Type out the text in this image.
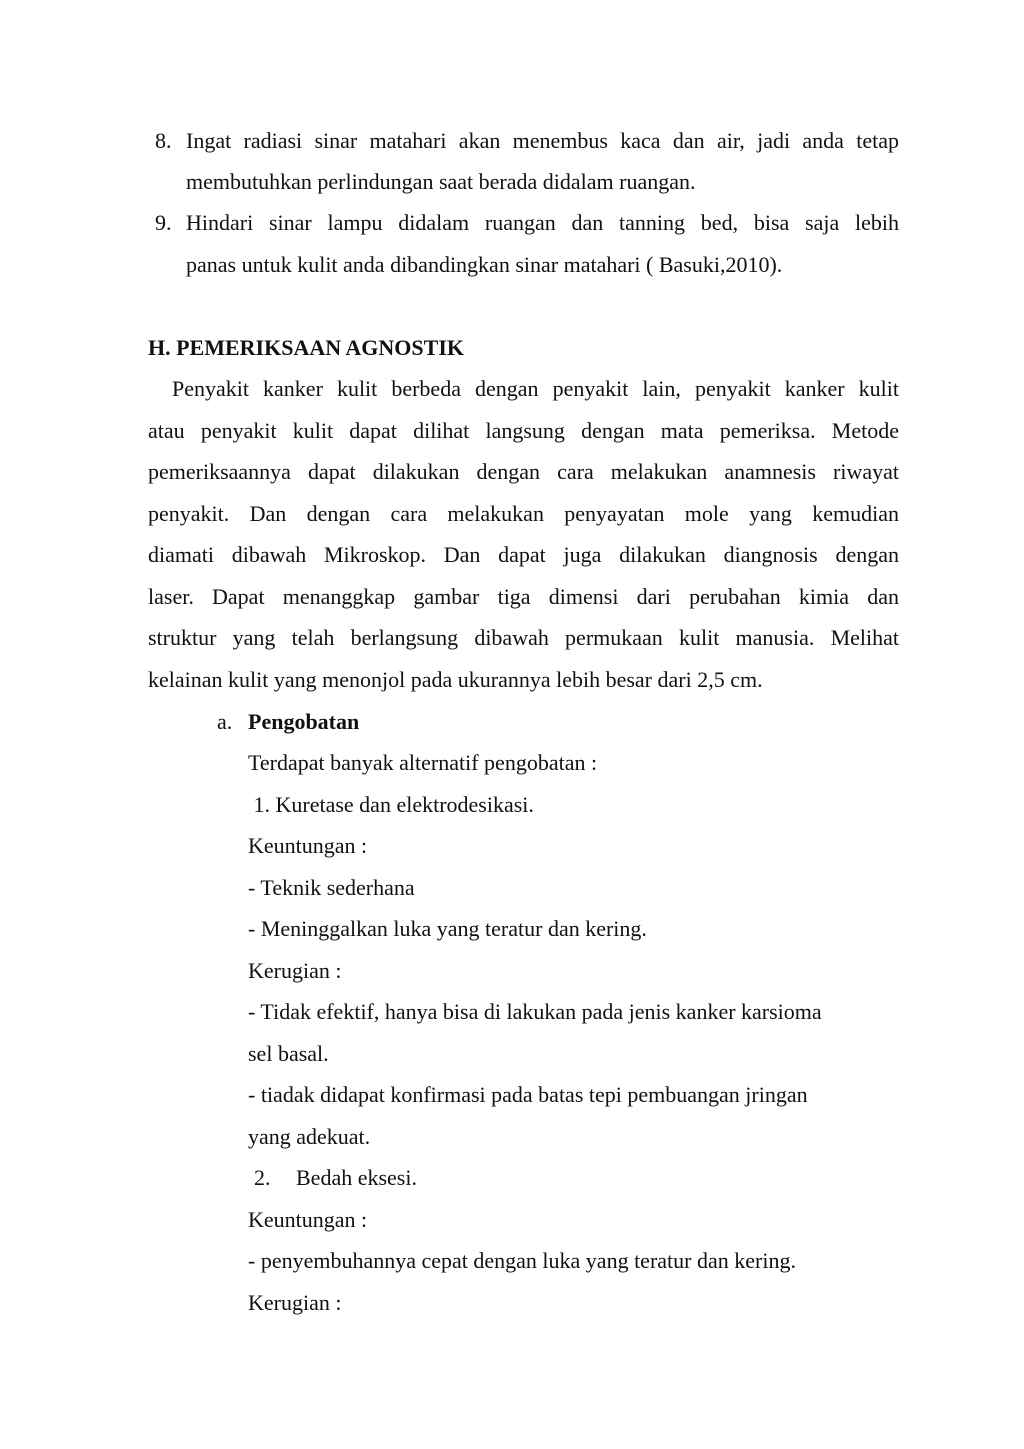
8. Ingat radiasi sinar matahari akan menembus kaca dan air, jadi anda tetap
membutuhkan perlindungan saat berada didalam ruangan.
9. Hindari sinar lampu didalam ruangan dan tanning bed, bisa saja lebih
panas untuk kulit anda dibandingkan sinar matahari ( Basuki,2010).
H. PEMERIKSAAN AGNOSTIK
Penyakit kanker kulit berbeda dengan penyakit lain, penyakit kanker kulit
atau penyakit kulit dapat dilihat langsung dengan mata pemeriksa. Metode
pemeriksaannya dapat dilakukan dengan cara melakukan anamnesis riwayat
penyakit. Dan dengan cara melakukan penyayatan mole yang kemudian
diamati dibawah Mikroskop. Dan dapat juga dilakukan diangnosis dengan
laser. Dapat menanggkap gambar tiga dimensi dari perubahan kimia dan
struktur yang telah berlangsung dibawah permukaan kulit manusia. Melihat
kelainan kulit yang menonjol pada ukurannya lebih besar dari 2,5 cm.
a. Pengobatan
Terdapat banyak alternatif pengobatan :
1. Kuretase dan elektrodesikasi.
Keuntungan :
- Teknik sederhana
- Meninggalkan luka yang teratur dan kering.
Kerugian :
- Tidak efektif, hanya bisa di lakukan pada jenis kanker karsioma
sel basal.
- tiadak didapat konfirmasi pada batas tepi pembuangan jringan
yang adekuat.
2. Bedah eksesi.
Keuntungan :
- penyembuhannya cepat dengan luka yang teratur dan kering.
Kerugian :
